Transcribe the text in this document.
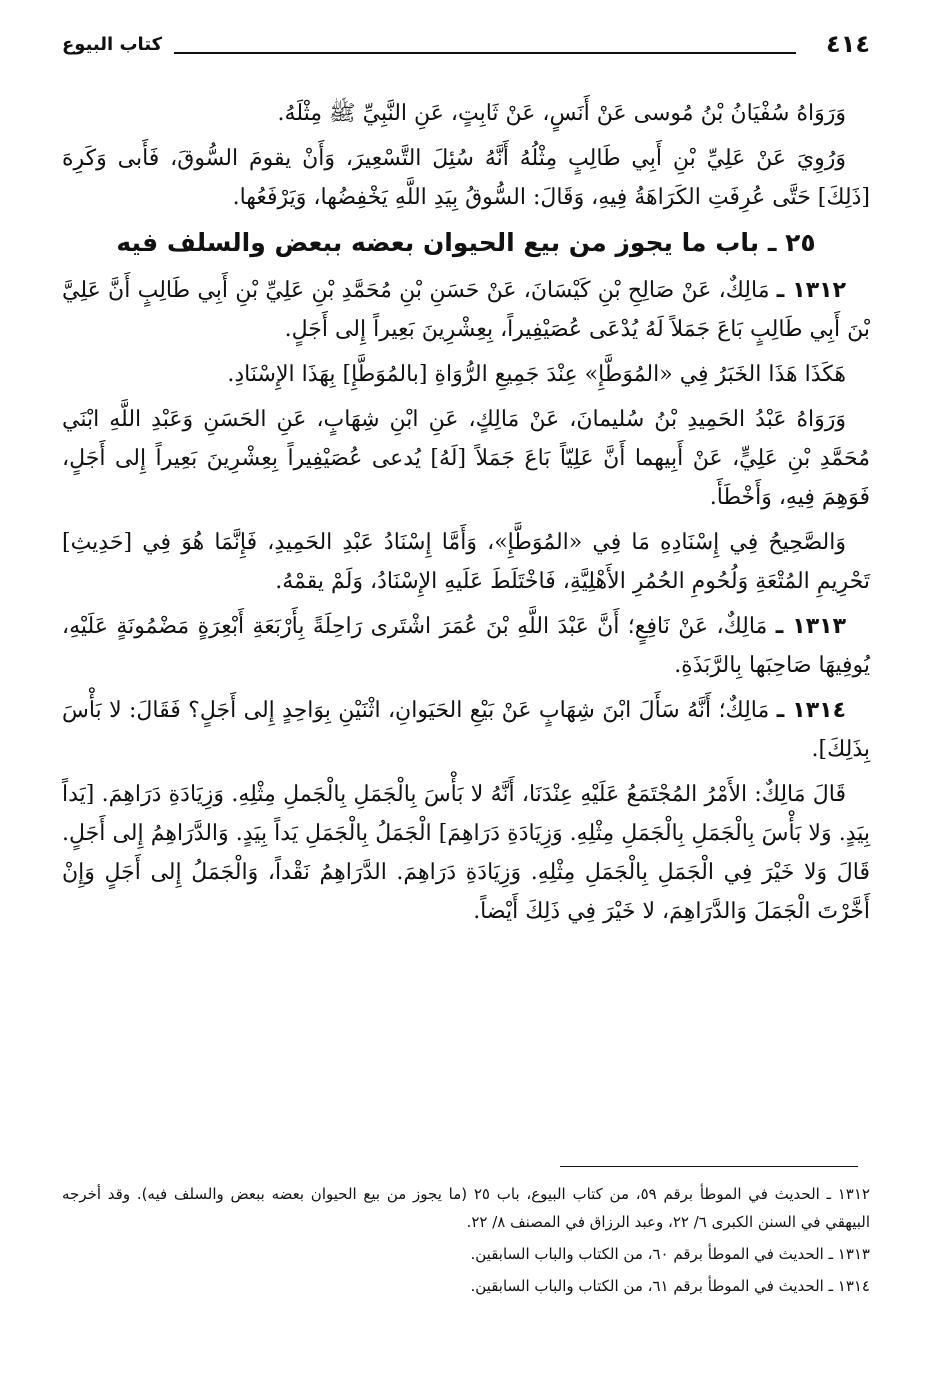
٤١٤
كتاب البيوع

وَرَوَاهُ سُفْيَانُ بْنُ مُوسى عَنْ أَنَسٍ، عَنْ ثَابِتٍ، عَنِ النَّبِيِّ ﷺ مِثْلَهُ.

وَرُوِيَ عَنْ عَلِيِّ بْنِ أَبِي طَالِبٍ مِثْلُهُ أَنَّهُ سُئِلَ التَّسْعِيرَ، وَأَنْ يقومَ السُّوقَ، فَأَبى وَكَرِهَ [ذَلِكَ] حَتَّى عُرِفَتِ الكَرَاهَةُ فِيهِ، وَقَالَ: السُّوقُ بِيَدِ اللَّهِ يَخْفِضُها، وَيَرْفَعُها.

٢٥ ـ باب ما يجوز من بيع الحيوان بعضه ببعض والسلف فيه

١٣١٢ ـ مَالِكٌ، عَنْ صَالِحِ بْنِ كَيْسَانَ، عَنْ حَسَنِ بْنِ مُحَمَّدِ بْنِ عَلِيِّ بْنِ أَبِي طَالِبٍ أَنَّ عَلِيَّ بْنَ أَبِي طَالِبٍ بَاعَ جَمَلاً لَهُ يُدْعَى عُصَيْفِيراً، بِعِشْرِينَ بَعِيراً إِلى أَجَلٍ.

هَكَذَا هَذَا الخَبَرُ فِي «المُوَطَّإِ» عِنْدَ جَمِيعِ الرُّوَاةِ [بالمُوَطَّإِ] بِهَذَا الإِسْنَادِ.

وَرَوَاهُ عَبْدُ الحَمِيدِ بْنُ سُليمانَ، عَنْ مَالِكٍ، عَنِ ابْنِ شِهَابٍ، عَنِ الحَسَنِ وَعَبْدِ اللَّهِ ابْنَي مُحَمَّدِ بْنِ عَلِيٍّ، عَنْ أَبِيهما أَنَّ عَلِيّاً بَاعَ جَمَلاً [لَهُ] يُدعى عُصَيْفِيراً بِعِشْرِينَ بَعِيراً إِلى أَجَلٍ، فَوَهِمَ فِيهِ، وَأَخْطَأَ.

وَالصَّحِيحُ فِي إِسْنَادِهِ مَا فِي «المُوَطَّإِ»، وَأَمَّا إِسْنَادُ عَبْدِ الحَمِيدِ، فَإِنَّمَا هُوَ فِي [حَدِيثِ] تَحْرِيمِ المُتْعَةِ وَلُحُومِ الحُمُرِ الأَهْلِيَّةِ، فَاخْتَلَطَ عَلَيهِ الإِسْنَادُ، وَلَمْ يقمْهُ.

١٣١٣ ـ مَالِكٌ، عَنْ نَافِعٍ؛ أَنَّ عَبْدَ اللَّهِ بْنَ عُمَرَ اشْتَرى رَاحِلَةً بِأَرْبَعَةِ أَبْعِرَةٍ مَضْمُونَةٍ عَلَيْهِ، يُوفِيهَا صَاحِبَها بِالرَّبَذَةِ.

١٣١٤ ـ مَالِكٌ؛ أَنَّهُ سَأَلَ ابْنَ شِهَابٍ عَنْ بَيْعِ الحَيَوانِ، اثْنَيْنِ بِوَاحِدٍ إِلى أَجَلٍ؟ فَقَالَ: لا بَأْسَ بِذَلِكَ].

قَالَ مَالِكٌ: الأَمْرُ المُجْتَمَعُ عَلَيْهِ عِنْدَنَا، أَنَّهُ لا بَأْسَ بِالْجَمَلِ بِالْجَملِ مِثْلِهِ. وَزِيَادَةِ دَرَاهِمَ. [يَداً بِيَدٍ. وَلا بَأْسَ بِالْجَمَلِ بِالْجَمَلِ مِثْلِهِ. وَزِيَادَةِ دَرَاهِمَ] الْجَمَلُ بِالْجَمَلِ يَداً بِيَدٍ. وَالدَّرَاهِمُ إِلى أَجَلٍ. قَالَ وَلا خَيْرَ فِي الْجَمَلِ بِالْجَمَلِ مِثْلِهِ. وَزِيَادَةِ دَرَاهِمَ. الدَّرَاهِمُ نَقْداً، وَالْجَمَلُ إِلى أَجَلٍ وَإِنْ أَخَّرْتَ الْجَمَلَ وَالدَّرَاهِمَ، لا خَيْرَ فِي ذَلِكَ أَيْضاً.

١٣١٢ ـ الحديث في الموطأ برقم ٥٩، من كتاب البيوع، باب ٢٥ (ما يجوز من بيع الحيوان بعضه ببعض والسلف فيه). وقد أخرجه البيهقي في السنن الكبرى ٦/ ٢٢، وعبد الرزاق في المصنف ٨/ ٢٢.

١٣١٣ ـ الحديث في الموطأ برقم ٦٠، من الكتاب والباب السابقين.

١٣١٤ ـ الحديث في الموطأ برقم ٦١، من الكتاب والباب السابقين.
